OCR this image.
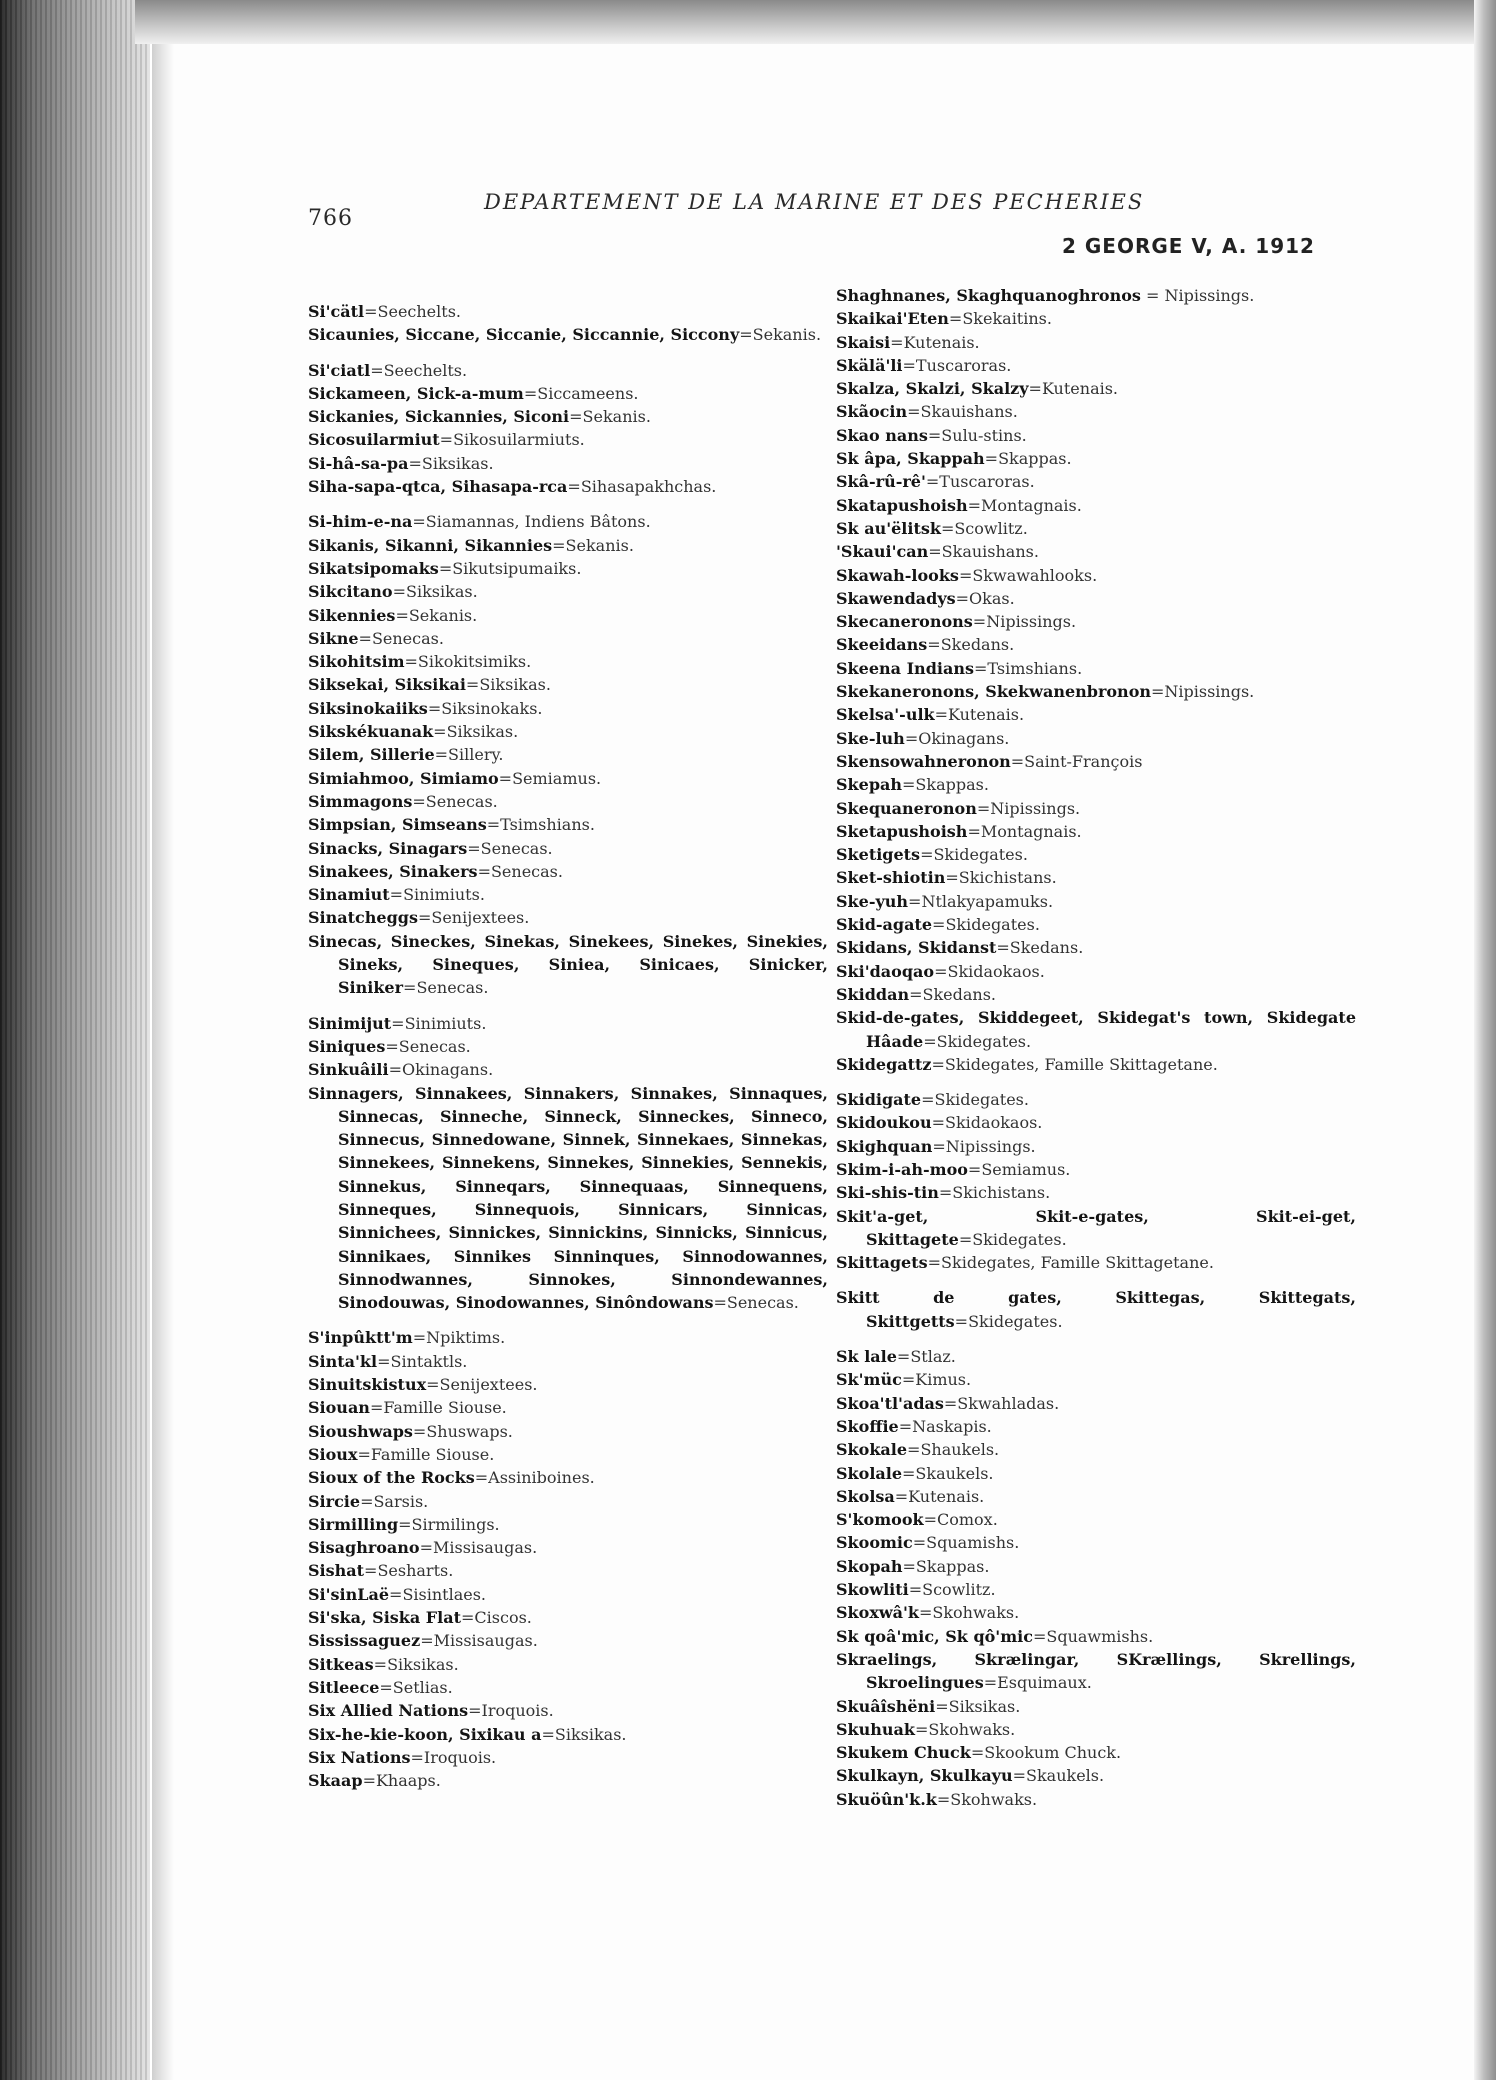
766
DEPARTEMENT DE LA MARINE ET DES PECHERIES
2 GEORGE V, A. 1912
Si'cätl=Seechelts.
Sicaunies, Siccane, Siccanie, Siccannie, Siccony=Sekanis.
Si'ciatl=Seechelts.
Sickameen, Sick-a-mum=Siccameens.
Sickanies, Sickannies, Siconi=Sekanis.
Sicosuilarmiut=Sikosuilarmiuts.
Si-hâ-sa-pa=Siksikas.
Siha-sapa-qtca, Sihasapa-rca=Sihasapakhchas.
Si-him-e-na=Siamannas, Indiens Bâtons.
Sikanis, Sikanni, Sikannies=Sekanis.
Sikatsipomaks=Sikutsipumaiks.
Sikcitano=Siksikas.
Sikennies=Sekanis.
Sikne=Senecas.
Sikohitsim=Sikokitsimiks.
Siksekai, Siksikai=Siksikas.
Siksinokaiiks=Siksinokaks.
Sikskékuanak=Siksikas.
Silem, Sillerie=Sillery.
Simiahmoo, Simiamo=Semiamus.
Simmagons=Senecas.
Simpsian, Simseans=Tsimshians.
Sinacks, Sinagars=Senecas.
Sinakees, Sinakers=Senecas.
Sinamiut=Sinimiuts.
Sinatcheggs=Senijextees.
Sinecas, Sineckes, Sinekas, Sinekees, Sinekes, Sinekies, Sineks, Sineques, Siniea, Sinicaes, Sinicker, Siniker=Senecas.
Sinimijut=Sinimiuts.
Siniques=Senecas.
Sinkuâili=Okinagans.
Sinnagers, Sinnakees, Sinnakers, Sinnakes, Sinnaques, Sinnecas, Sinneche, Sinneck, Sinneckes, Sinneco, Sinnecus, Sinnedowane, Sinnek, Sinnekaes, Sinnekas, Sinnekees, Sinnekens, Sinnekes, Sinnekies, Sennekis, Sinnekus, Sinneqars, Sinnequaas, Sinnequens, Sinneques, Sinnequois, Sinnicars, Sinnicas, Sinnichees, Sinnickes, Sinnickins, Sinnicks, Sinnicus, Sinnikaes, Sinnikes Sinninques, Sinnodowannes, Sinnodwannes, Sinnokes, Sinnondewannes, Sinodouwas, Sinodowannes, Sinôndowans=Senecas.
S'inpûktt'm=Npiktims.
Sinta'kl=Sintaktls.
Sinuitskistux=Senijextees.
Siouan=Famille Siouse.
Sioushwaps=Shuswaps.
Sioux=Famille Siouse.
Sioux of the Rocks=Assiniboines.
Sircie=Sarsis.
Sirmilling=Sirmilings.
Sisaghroano=Missisaugas.
Sishat=Sesharts.
Si'sinLaë=Sisintlaes.
Si'ska, Siska Flat=Ciscos.
Sississaguez=Missisaugas.
Sitkeas=Siksikas.
Sitleece=Setlias.
Six Allied Nations=Iroquois.
Six-he-kie-koon, Sixikau a=Siksikas.
Six Nations=Iroquois.
Skaap=Khaaps.
Shaghnanes, Skaghquanoghronos = Nipissings.
Skaikai'Eten=Skekaitins.
Skaisi=Kutenais.
Skälä'li=Tuscaroras.
Skalza, Skalzi, Skalzy=Kutenais.
Skãocin=Skauishans.
Skao nans=Sulu-stins.
Sk âpa, Skappah=Skappas.
Skâ-rû-rê'=Tuscaroras.
Skatapushoish=Montagnais.
Sk au'ëlitsk=Scowlitz.
'Skaui'can=Skauishans.
Skawah-looks=Skwawahlooks.
Skawendadys=Okas.
Skecaneronons=Nipissings.
Skeeidans=Skedans.
Skeena Indians=Tsimshians.
Skekaneronons, Skekwanenbronon=Nipissings.
Skelsa'-ulk=Kutenais.
Ske-luh=Okinagans.
Skensowahneronon=Saint-François
Skepah=Skappas.
Skequaneronon=Nipissings.
Sketapushoish=Montagnais.
Sketigets=Skidegates.
Sket-shiotin=Skichistans.
Ske-yuh=Ntlakyapamuks.
Skid-agate=Skidegates.
Skidans, Skidanst=Skedans.
Ski'daoqao=Skidaokaos.
Skiddan=Skedans.
Skid-de-gates, Skiddegeet, Skidegat's town, Skidegate Hâade=Skidegates.
Skidegattz=Skidegates, Famille Skittagetane.
Skidigate=Skidegates.
Skidoukou=Skidaokaos.
Skighquan=Nipissings.
Skim-i-ah-moo=Semiamus.
Ski-shis-tin=Skichistans.
Skit'a-get, Skit-e-gates, Skit-ei-get, Skittagete=Skidegates.
Skittagets=Skidegates, Famille Skittagetane.
Skitt de gates, Skittegas, Skittegats, Skittgetts=Skidegates.
Sk lale=Stlaz.
Sk'müc=Kimus.
Skoa'tl'adas=Skwahladas.
Skoffie=Naskapis.
Skokale=Shaukels.
Skolale=Skaukels.
Skolsa=Kutenais.
S'komook=Comox.
Skoomic=Squamishs.
Skopah=Skappas.
Skowliti=Scowlitz.
Skoxwâ'k=Skohwaks.
Sk qoâ'mic, Sk qô'mic=Squawmishs.
Skraelings, Skrælingar, SKrællings, Skrellings, Skroelingues=Esquimaux.
Skuâîshëni=Siksikas.
Skuhuak=Skohwaks.
Skukem Chuck=Skookum Chuck.
Skulkayn, Skulkayu=Skaukels.
Skuöûn'k.k=Skohwaks.
